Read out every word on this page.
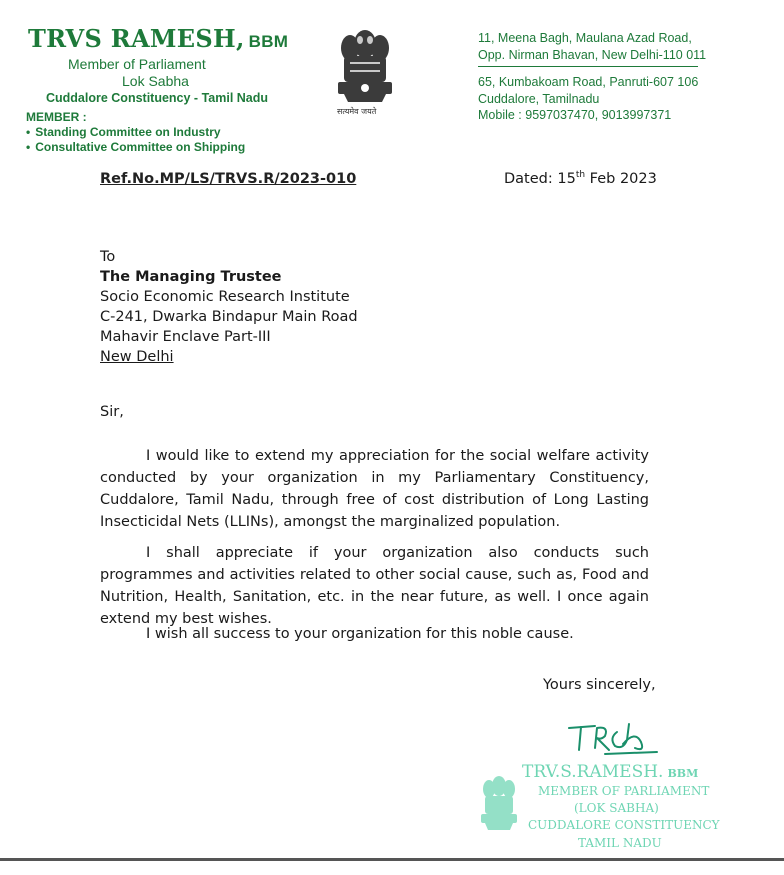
TRVS RAMESH, BBM
Member of Parliament
Lok Sabha
Cuddalore Constituency - Tamil Nadu
MEMBER :
• Standing Committee on Industry
• Consultative Committee on Shipping
सत्यमेव जयते
11, Meena Bagh, Maulana Azad Road,
Opp. Nirman Bhavan, New Delhi-110 011
65, Kumbakoam Road, Panruti-607 106
Cuddalore, Tamilnadu
Mobile : 9597037470, 9013997371
Ref.No.MP/LS/TRVS.R/2023-010	Dated: 15th Feb 2023
To
The Managing Trustee
Socio Economic Research Institute
C-241, Dwarka Bindapur Main Road
Mahavir Enclave Part-III
New Delhi
Sir,

I would like to extend my appreciation for the social welfare activity conducted by your organization in my Parliamentary Constituency, Cuddalore, Tamil Nadu, through free of cost distribution of Long Lasting Insecticidal Nets (LLINs), amongst the marginalized population.

I shall appreciate if your organization also conducts such programmes and activities related to other social cause, such as, Food and Nutrition, Health, Sanitation, etc. in the near future, as well. I once again extend my best wishes.

I wish all success to your organization for this noble cause.

Yours sincerely,
TRV.S.RAMESH. BBM
MEMBER OF PARLIAMENT
(LOK SABHA)
CUDDALORE CONSTITUENCY
TAMIL NADU
